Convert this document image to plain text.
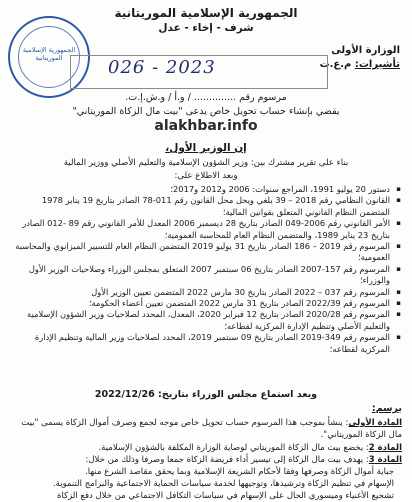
الجمهورية الإسلامية الموريتانية
شرف - إخاء - عدل
الجمهورية الإسلامية الموريتانية
الوزارة الأولى
تأشيرات: م.ع.ت
026 - 2023
مرسوم رقم .............. / و.أ / و.ش.إ.ت.
يقضي بإنشاء حساب تحويل خاص يدعى "بيت مال الزكاة الموريتاني"
alakhbar.info
إن الوزير الأول،
بناء على تقرير مشترك بين: وزير الشؤون الإسلامية والتعليم الأصلي ووزير المالية
وبعد الاطلاع على:
▪ دستور 20 يوليو 1991، المراجع سنوات: 2006 و2012 و2017؛
▪ القانون النظامي رقم 2018 – 39 بلغي ويحل محل القانون رقم 011-78 الصادر بتاريخ 19 يناير 1978 المتضمن النظام القانوني المتعلق بقوانين المالية؛
▪ الأمر القانوني رقم 2006-049 الصادر بتاريخ 28 ديسمبر 2006 المعدل للأمر القانوني رقم 89 -012 الصادر بتاريخ 23 يناير 1989، والمتضمن النظام العام للمحاسبة العمومية؛
▪ المرسوم رقم 2019 – 186 الصادر بتاريخ 31 يوليو 2019 المتضمن النظام العام للتسيير الميزانوي والمحاسبة العمومية؛
▪ المرسوم رقم 157-2007 الصادر بتاريخ 06 سبتمبر 2007 المتعلق بمجلس الوزراء وصلاحيات الوزير الأول والوزراء؛
▪ المرسوم رقم 037 – 2022 الصادر بتاريخ 30 مارس 2022 المتضمن تعيين الوزير الأول
▪ المرسوم رقم 2022/39 الصادر بتاريخ 31 مارس 2022 المتضمن تعيين أعضاء الحكومة؛
▪ المرسوم رقم 2020/28 الصادر بتاريخ 12 فبراير 2020، المعدل، المحدد لصلاحيات وزير الشؤون الإسلامية والتعليم الأصلي وتنظيم الإدارة المركزية لقطاعه؛
▪ المرسوم رقم 349-2019 الصادر بتاريخ 09 سبتمبر 2019، المحدد لصلاحيات وزير المالية وتنظيم الإدارة المركزية لقطاعه؛
وبعد استماع مجلس الوزراء بتاريخ: 2022/12/26
يرسم:
المادة الأولى: ينشأ بموجب هذا المرسوم حساب تحويل خاص موجه لجمع وصرف أموال الزكاة يسمى "بيت مال الزكاة الموريتاني".
المادة 2: يخضع بيت مال الزكاة الموريتاني لوصاية الوزارة المكلفة بالشؤون الإسلامية.
المادة 3: يهدف بيت مال الزكاة إلى تيسير أداء فريضة الزكاة جمعا وصرفا وذلك من خلال:
جباية أموال الزكاة وصرفها وفقا لأحكام الشريعة الإسلامية وبما يحقق مقاصد الشرع منها.
الإسهام في تنظيم الزكاة وترشيدها، وتوجيهها لخدمة سياسات الحماية الاجتماعية والبرامج التنموية.
تشجيع الأغنياء وميسوري الحال على الإسهام في سياسات التكافل الاجتماعي من خلال دفع الزكاة
